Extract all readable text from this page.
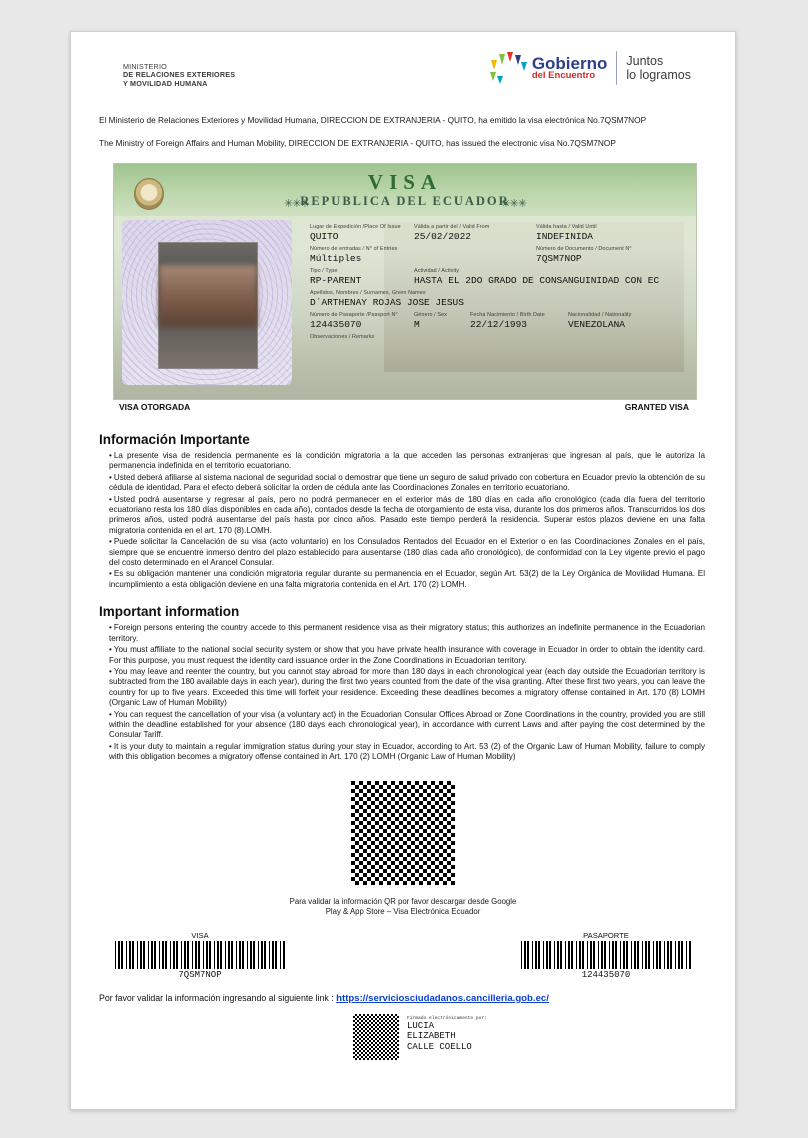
MINISTERIO
DE RELACIONES EXTERIORES
Y MOVILIDAD HUMANA
Gobierno
del Encuentro
Juntos
lo logramos
El Ministerio de Relaciones Exteriores y Movilidad Humana, DIRECCION DE EXTRANJERIA - QUITO, ha emitido la visa electrónica No.7QSM7NOP
The Ministry of Foreign Affairs and Human Mobility, DIRECCION DE EXTRANJERIA - QUITO, has issued the electronic visa No.7QSM7NOP
VISA
REPUBLICA DEL ECUADOR
✳✳✳	✳✳✳
Lugar de Expedición /Place Of Issue
QUITO
Válida a partir del / Valid From
25/02/2022
Válida hasta / Valid Until
INDEFINIDA
Número de entradas / N° of Entries
Múltiples
Número de Documento / Document N°
7QSM7NOP
Tipo / Type
RP-PARENT
Actividad / Activity
HASTA EL 2DO GRADO DE CONSANGUINIDAD CON EC
Apellidos, Nombres / Surnames, Given Names
D´ARTHENAY ROJAS JOSE JESUS
Número de Pasaporte /Passport N°
124435070
Género / Sex
M
Fecha Nacimiento / Birth Date
22/12/1993
Nacionalidad / Nationality
VENEZOLANA
Observaciones / Remarks
VISA OTORGADA	GRANTED VISA
Información Importante
• La presente visa de residencia permanente es la condición migratoria a la que acceden las personas extranjeras que ingresan al país, que le autoriza la permanencia indefinida en el territorio ecuatoriano.
• Usted deberá afiliarse al sistema nacional de seguridad social o demostrar que tiene un seguro de salud privado con cobertura en Ecuador previo la obtención de su cédula de identidad. Para el efecto deberá solicitar la orden de cédula ante las Coordinaciones Zonales en territorio ecuatoriano.
• Usted podrá ausentarse y regresar al país, pero no podrá permanecer en el exterior más de 180 días en cada año cronológico (cada día fuera del territorio ecuatoriano resta los 180 días disponibles en cada año), contados desde la fecha de otorgamiento de esta visa, durante los dos primeros años. Transcurridos los dos primeros años, usted podrá ausentarse del país hasta por cinco años. Pasado este tiempo perderá la residencia. Superar estos plazos deviene en una falta migratoria contenida en el art. 170 (8).LOMH.
• Puede solicitar la Cancelación de su visa (acto voluntario) en los Consulados Rentados del Ecuador en el Exterior o en las Coordinaciones Zonales en el país, siempre que se encuentre inmerso dentro del plazo establecido para ausentarse (180 días cada año cronológico), de conformidad con la Ley vigente previo el pago del costo determinado en el Arancel Consular.
• Es su obligación mantener una condición migratoria regular durante su permanencia en el Ecuador, según Art. 53(2) de la Ley Orgánica de Movilidad Humana. El incumplimiento a esta obligación deviene en una falta migratoria contenida en el Art. 170 (2) LOMH.
Important information
• Foreign persons entering the country accede to this permanent residence visa as their migratory status; this authorizes an indefinite permanence in the Ecuadorian territory.
• You must affiliate to the national social security system or show that you have private health insurance with coverage in Ecuador in order to obtain the identity card. For this purpose, you must request the identity card issuance order in the Zone Coordinations in Ecuadorian territory.
• You may leave and reenter the country, but you cannot stay abroad for more than 180 days in each chronological year (each day outside the Ecuadorian territory is subtracted from the 180 available days in each year), during the first two years counted from the date of the visa granting. After these first two years, you can leave the country for up to five years. Exceeded this time will forfeit your residence. Exceeding these deadlines becomes a migratory offense contained in Art. 170 (8) LOMH (Organic Law of Human Mobility)
• You can request the cancellation of your visa (a voluntary act) in the Ecuadorian Consular Offices Abroad or Zone Coordinations in the country, provided you are still within the deadline established for your absence (180 days each chronological year), in accordance with current Laws and after paying the cost determined by the Consular Tariff.
• It is your duty to maintain a regular immigration status during your stay in Ecuador, according to Art. 53 (2) of the Organic Law of Human Mobility, failure to comply with this obligation becomes a migratory offense contained in Art. 170 (2) LOMH (Organic Law of Human Mobility)
Para validar la información QR por favor descargar desde Google
Play & App Store – Visa Electrónica Ecuador
VISA
7QSM7NOP
PASAPORTE
124435070
Por favor validar la información ingresando al siguiente link : https://serviciosciudadanos.cancilleria.gob.ec/
Firmado electrónicamente por:
LUCIA
ELIZABETH
CALLE COELLO
